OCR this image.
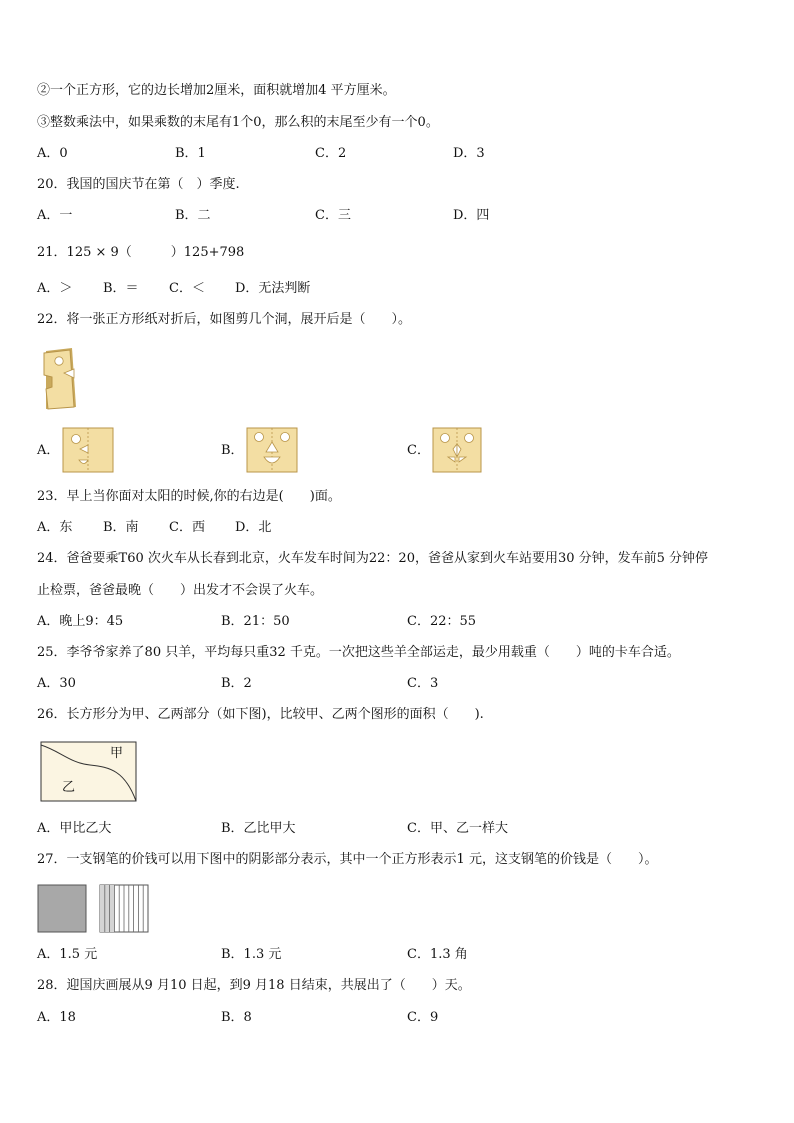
②一个正方形，它的边长增加2厘米，面积就增加4 平方厘米。
③整数乘法中，如果乘数的末尾有1个0，那么积的末尾至少有一个0。
A．0	B．1	C．2	D．3
20．我国的国庆节在第（　）季度.
A．一	B．二	C．三	D．四
21．125 × 9（　　　）125+798
A．＞ B．＝ C．＜ D．无法判断
22．将一张正方形纸对折后，如图剪几个洞，展开后是（　　）。
A．	B．	C．
23．早上当你面对太阳的时候,你的右边是(　　)面。
A．东 B．南 C．西 D．北
24．爸爸要乘T60 次火车从长春到北京，火车发车时间为22：20，爸爸从家到火车站要用30 分钟，发车前5 分钟停
止检票，爸爸最晚（　　）出发才不会误了火车。
A．晚上9：45	B．21：50	C．22：55
25．李爷爷家养了80 只羊，平均每只重32 千克。一次把这些羊全部运走，最少用载重（　　）吨的卡车合适。
A．30	B．2	C．3
26．长方形分为甲、乙两部分（如下图)，比较甲、乙两个图形的面积（　　).
甲
乙
A．甲比乙大	B．乙比甲大	C．甲、乙一样大
27．一支钢笔的价钱可以用下图中的阴影部分表示，其中一个正方形表示1 元，这支钢笔的价钱是（　　）。
A．1.5 元	B．1.3 元	C．1.3 角
28．迎国庆画展从9 月10 日起，到9 月18 日结束，共展出了（　　）天。
A．18	B．8	C．9
